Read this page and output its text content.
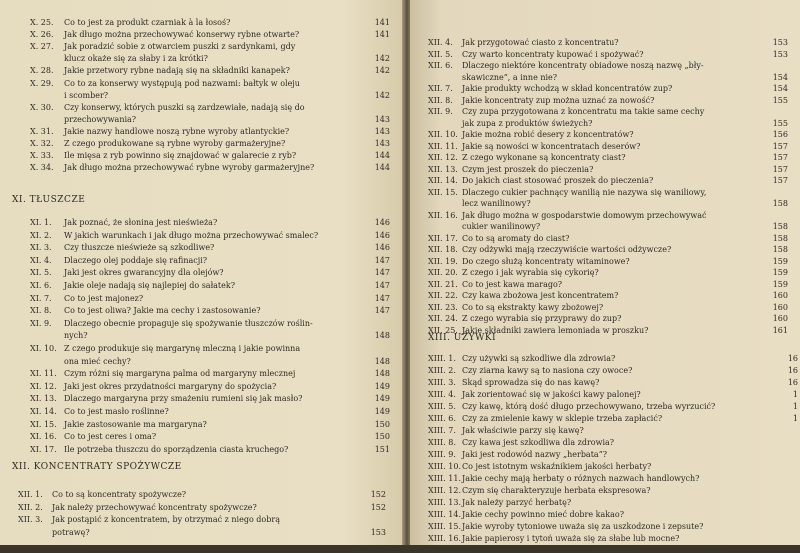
X. 25. Co to jest za produkt czarniak à la łosoś?	141
X. 26. Jak długo można przechowywać konserwy rybne otwarte?	141
X. 27. Jak poradzić sobie z otwarciem puszki z sardynkami, gdy
klucz okaże się za słaby i za krótki?	142
X. 28. Jakie przetwory rybne nadają się na składniki kanapek?	142
X. 29. Co to za konserwy występują pod nazwami: bałtyk w oleju
i scomber?	142
X. 30. Czy konserwy, których puszki są zardzewiałe, nadają się do
przechowywania?	143
X. 31. Jakie nazwy handlowe noszą rybne wyroby atlantyckie?	143
X. 32. Z czego produkowane są rybne wyroby garmażeryjne?	143
X. 33. Ile mięsa z ryb powinno się znajdować w galarecie z ryb?	144
X. 34. Jak długo można przechowywać rybne wyroby garmażeryjne?	144
XI. TŁUSZCZE
XI. 1. Jak poznać, że słonina jest nieświeża?	146
XI. 2. W jakich warunkach i jak długo można przechowywać smalec?	146
XI. 3. Czy tłuszcze nieświeże są szkodliwe?	146
XI. 4. Dlaczego olej poddaje się rafinacji?	147
XI. 5. Jaki jest okres gwarancyjny dla olejów?	147
XI. 6. Jakie oleje nadają się najlepiej do sałatek?	147
XI. 7. Co to jest majonez?	147
XI. 8. Co to jest oliwa? Jakie ma cechy i zastosowanie?	147
XI. 9. Dlaczego obecnie propaguje się spożywanie tłuszczów roślin-
nych?	148
XI. 10. Z czego produkuje się margarynę mleczną i jakie powinna
ona mieć cechy?	148
XI. 11. Czym różni się margaryna palma od margaryny mlecznej	148
XI. 12. Jaki jest okres przydatności margaryny do spożycia?	149
XI. 13. Dlaczego margaryna przy smażeniu rumieni się jak masło?	149
XI. 14. Co to jest masło roślinne?	149
XI. 15. Jakie zastosowanie ma margaryna?	150
XI. 16. Co to jest ceres i oma?	150
XI. 17. Ile potrzeba tłuszczu do sporządzenia ciasta kruchego?	151
XII. KONCENTRATY SPOŻYWCZE
XII. 1. Co to są koncentraty spożywcze?	152
XII. 2. Jak należy przechowywać koncentraty spożywcze?	152
XII. 3. Jak postąpić z koncentratem, by otrzymać z niego dobrą
potrawę?	153
XII. 4. Jak przygotować ciasto z koncentratu?	153
XII. 5. Czy warto koncentraty kupować i spożywać?	153
XII. 6. Dlaczego niektóre koncentraty obiadowe noszą nazwę „bły-
skawiczne”, a inne nie?	154
XII. 7. Jakie produkty wchodzą w skład koncentratów zup?	154
XII. 8. Jakie koncentraty zup można uznać za nowość?	155
XII. 9. Czy zupa przygotowana z koncentratu ma takie same cechy
jak zupa z produktów świeżych?	155
XII. 10. Jakie można robić desery z koncentratów?	156
XII. 11. Jakie są nowości w koncentratach deserów?	157
XII. 12. Z czego wykonane są koncentraty ciast?	157
XII. 13. Czym jest proszek do pieczenia?	157
XII. 14. Do jakich ciast stosować proszek do pieczenia?	157
XII. 15. Dlaczego cukier pachnący wanilią nie nazywa się waniliowy,
lecz wanilinowy?	158
XII. 16. Jak długo można w gospodarstwie domowym przechowywać
cukier wanilinowy?	158
XII. 17. Co to są aromaty do ciast?	158
XII. 18. Czy odżywki mają rzeczywiście wartości odżywcze?	158
XII. 19. Do czego służą koncentraty witaminowe?	159
XII. 20. Z czego i jak wyrabia się cykorię?	159
XII. 21. Co to jest kawa marago?	159
XII. 22. Czy kawa zbożowa jest koncentratem?	160
XII. 23. Co to są ekstrakty kawy zbożowej?	160
XII. 24. Z czego wyrabia się przyprawy do zup?	160
XII. 25. Jakie składniki zawiera lemoniada w proszku?	161
XIII. UŻYWKI
XIII. 1. Czy używki są szkodliwe dla zdrowia?	16
XIII. 2. Czy ziarna kawy są to nasiona czy owoce?	16
XIII. 3. Skąd sprowadza się do nas kawę?	16
XIII. 4. Jak zorientować się w jakości kawy palonej?	1
XIII. 5. Czy kawę, którą dość długo przechowywano, trzeba wyrzucić?	1
XIII. 6. Czy za zmielenie kawy w sklepie trzeba zapłacić?	1
XIII. 7. Jak właściwie parzy się kawę?
XIII. 8. Czy kawa jest szkodliwa dla zdrowia?
XIII. 9. Jaki jest rodowód nazwy „herbata”?
XIII. 10.Co jest istotnym wskaźnikiem jakości herbaty?
XIII. 11.Jakie cechy mają herbaty o różnych nazwach handlowych?
XIII. 12.Czym się charakteryzuje herbata ekspresowa?
XIII. 13.Jak należy parzyć herbatę?
XIII. 14.Jakie cechy powinno mieć dobre kakao?
XIII. 15.Jakie wyroby tytoniowe uważa się za uszkodzone i zepsute?
XIII. 16.Jakie papierosy i tytoń uważa się za słabe lub mocne?
